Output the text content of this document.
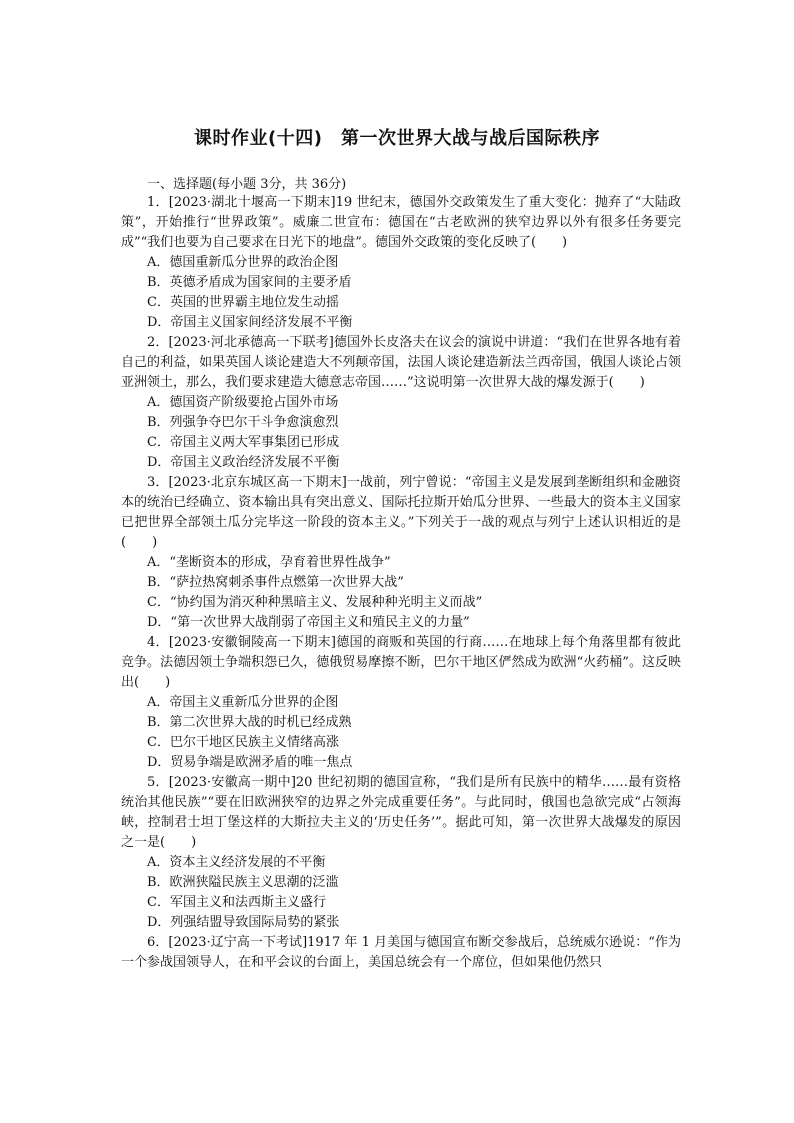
课时作业(十四)　第一次世界大战与战后国际秩序
一、选择题(每小题 3分，共 36分)

1．[2023·湖北十堰高一下期末]19 世纪末，德国外交政策发生了重大变化：抛弃了“大陆政策”，开始推行“世界政策”。威廉二世宣布：德国在“古老欧洲的狭窄边界以外有很多任务要完成”“我们也要为自己要求在日光下的地盘”。德国外交政策的变化反映了(　　)

A．德国重新瓜分世界的政治企图
B．英德矛盾成为国家间的主要矛盾
C．英国的世界霸主地位发生动摇
D．帝国主义国家间经济发展不平衡

2．[2023·河北承德高一下联考]德国外长皮洛夫在议会的演说中讲道：“我们在世界各地有着自己的利益，如果英国人谈论建造大不列颠帝国，法国人谈论建造新法兰西帝国，俄国人谈论占领亚洲领土，那么，我们要求建造大德意志帝国……”这说明第一次世界大战的爆发源于(　　)

A．德国资产阶级要抢占国外市场
B．列强争夺巴尔干斗争愈演愈烈
C．帝国主义两大军事集团已形成
D．帝国主义政治经济发展不平衡

3．[2023·北京东城区高一下期末]一战前，列宁曾说：“帝国主义是发展到垄断组织和金融资本的统治已经确立、资本输出具有突出意义、国际托拉斯开始瓜分世界、一些最大的资本主义国家已把世界全部领土瓜分完毕这一阶段的资本主义。”下列关于一战的观点与列宁上述认识相近的是(　　)

A．“垄断资本的形成，孕育着世界性战争”
B．“萨拉热窝刺杀事件点燃第一次世界大战”
C．“协约国为消灭种种黑暗主义、发展种种光明主义而战”
D．“第一次世界大战削弱了帝国主义和殖民主义的力量”

4．[2023·安徽铜陵高一下期末]德国的商贩和英国的行商……在地球上每个角落里都有彼此竞争。法德因领土争端积怨已久，德俄贸易摩擦不断，巴尔干地区俨然成为欧洲“火药桶”。这反映出(　　)

A．帝国主义重新瓜分世界的企图
B．第二次世界大战的时机已经成熟
C．巴尔干地区民族主义情绪高涨
D．贸易争端是欧洲矛盾的唯一焦点

5．[2023·安徽高一期中]20 世纪初期的德国宣称，“我们是所有民族中的精华……最有资格统治其他民族”“要在旧欧洲狭窄的边界之外完成重要任务”。与此同时，俄国也急欲完成“占领海峡，控制君士坦丁堡这样的大斯拉夫主义的‘历史任务’”。据此可知，第一次世界大战爆发的原因之一是(　　)

A．资本主义经济发展的不平衡
B．欧洲狭隘民族主义思潮的泛滥
C．军国主义和法西斯主义盛行
D．列强结盟导致国际局势的紧张

6．[2023·辽宁高一下考试]1917 年 1 月美国与德国宣布断交参战后，总统威尔逊说：“作为一个参战国领导人，在和平会议的台面上，美国总统会有一个席位，但如果他仍然只
